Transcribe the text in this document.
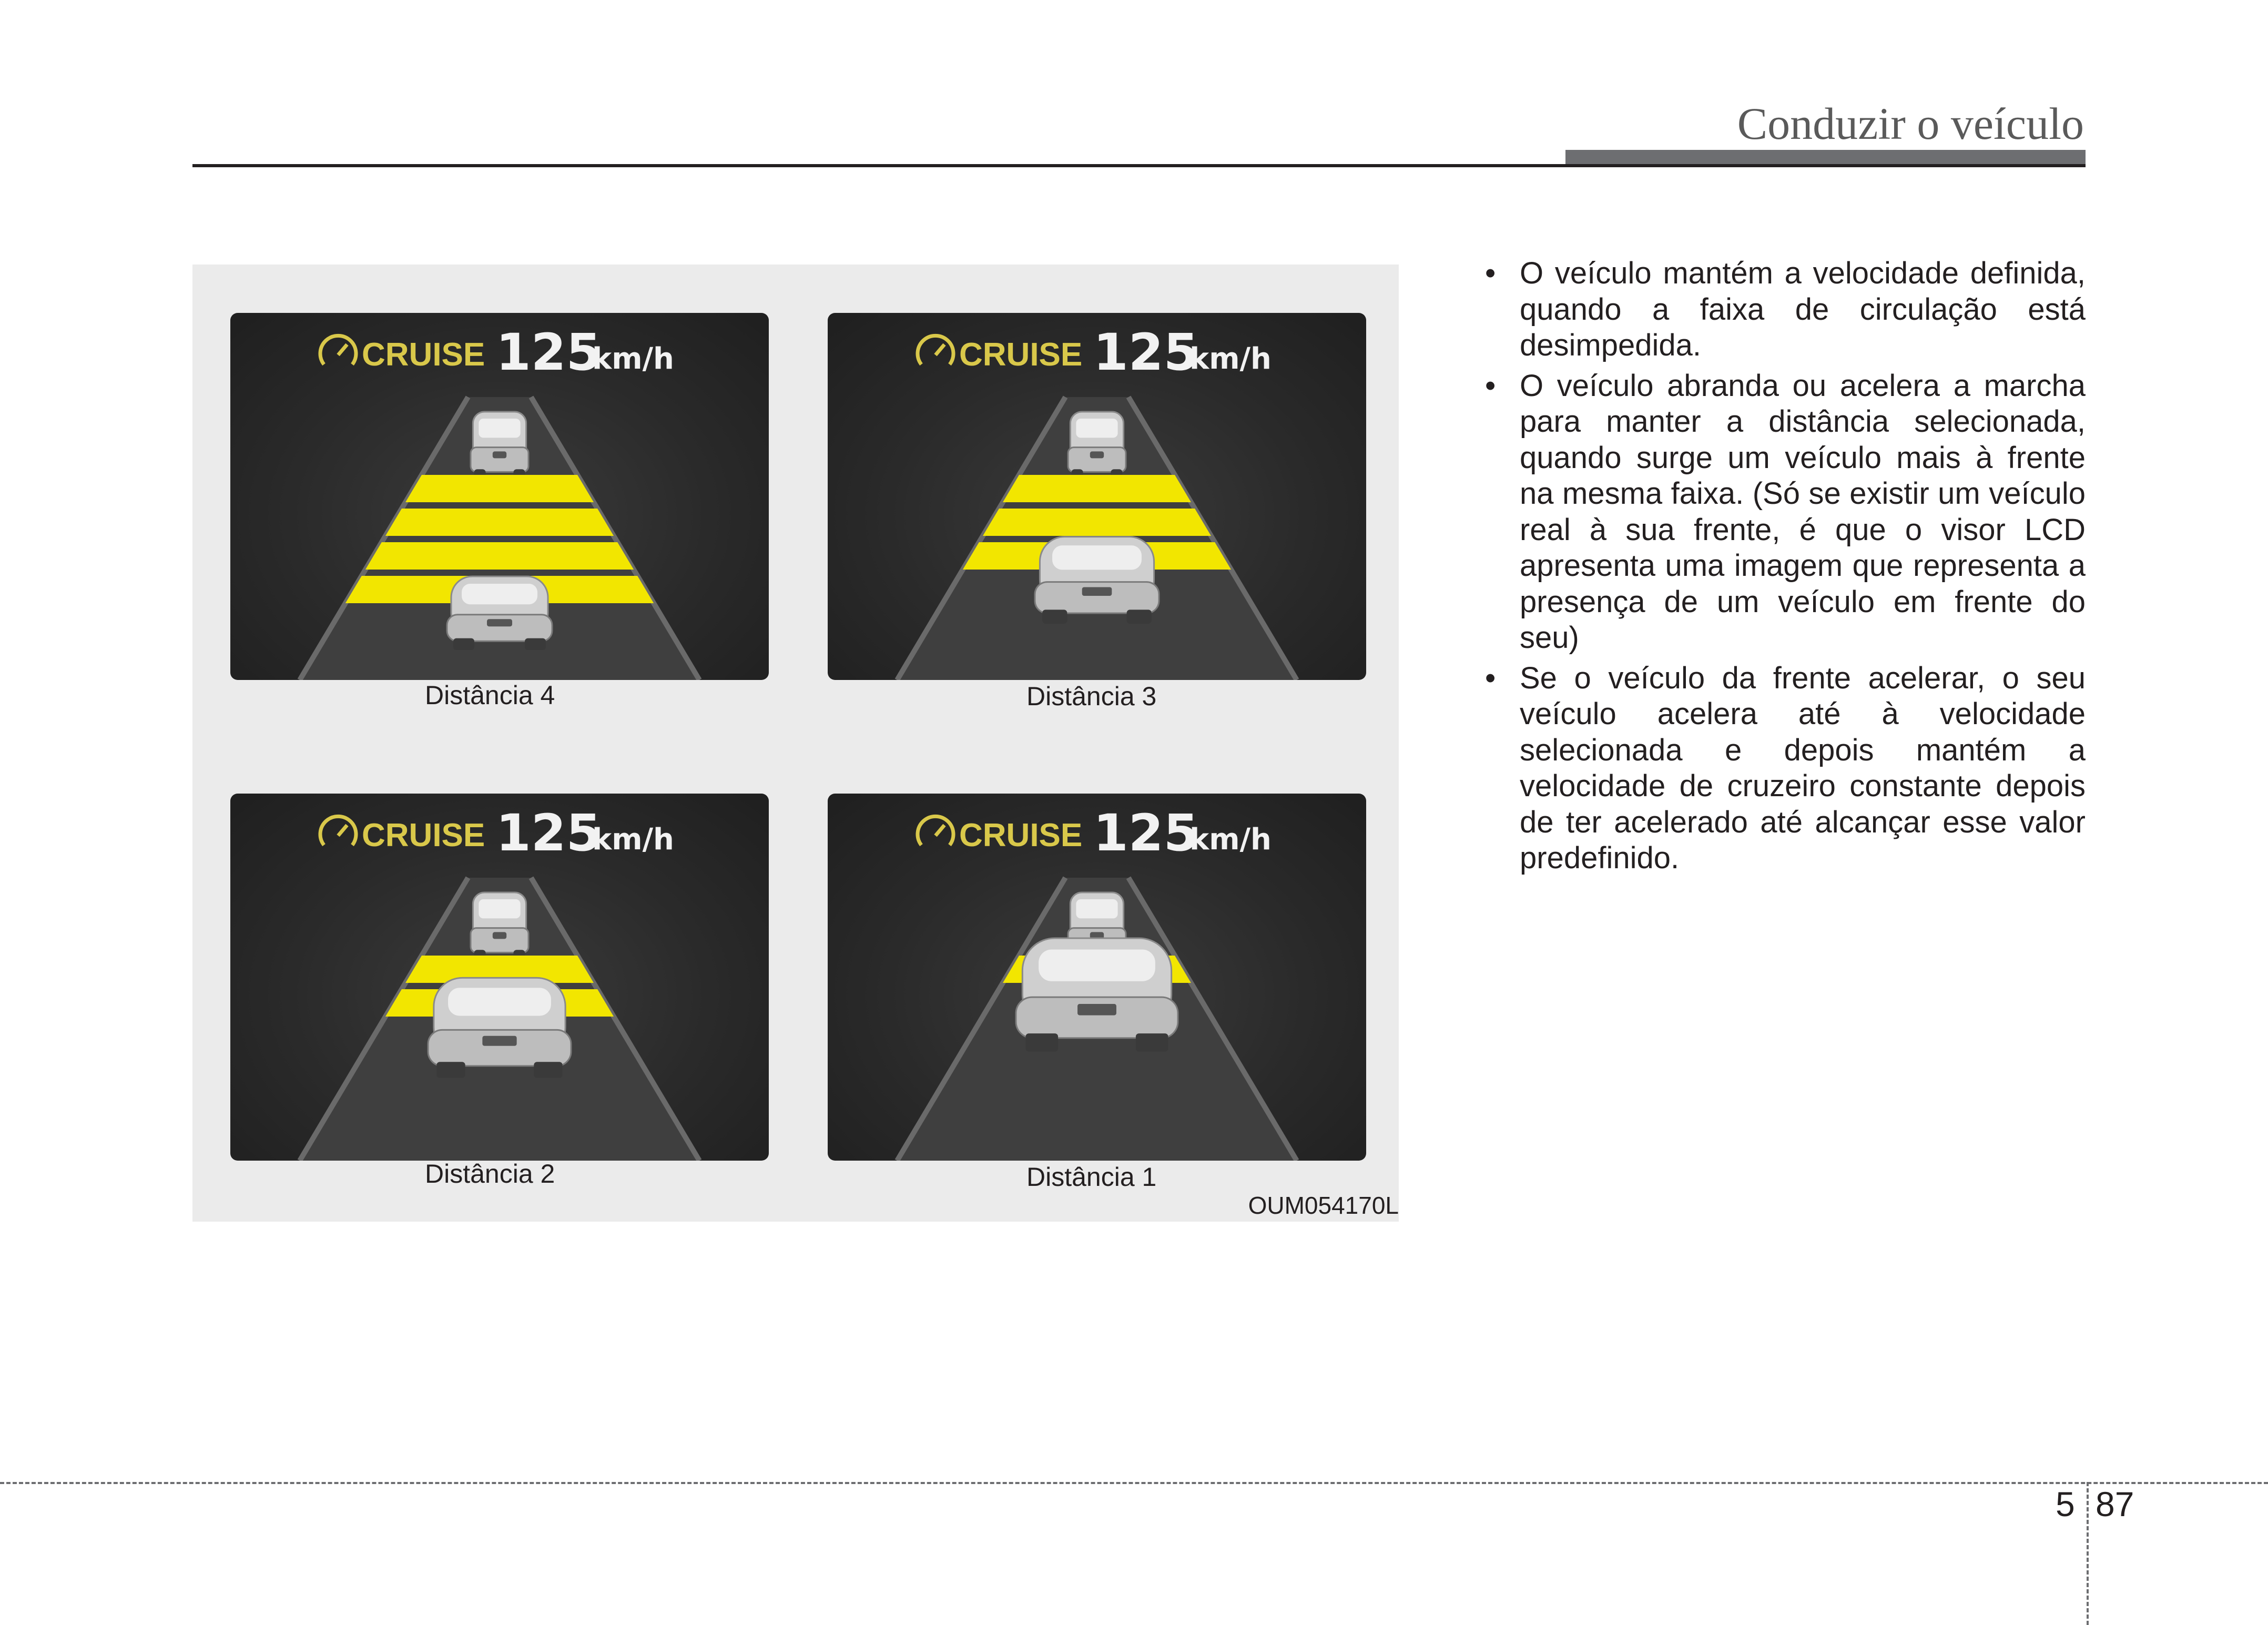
Conduzir o veículo
CRUISE 125
km/h
Distância 4
CRUISE 125
km/h
Distância 3
CRUISE 125
km/h
Distância 2
CRUISE 125
km/h
Distância 1
OUM054170L
• O veículo mantém a velocidade definida, quando a faixa de circulação está desimpedida.
• O veículo abranda ou acelera a marcha para manter a distância selecionada, quando surge um veículo mais à frente na mesma faixa. (Só se existir um veículo real à sua frente, é que o visor LCD apresenta uma imagem que representa a presença de um veículo em frente do seu)
• Se o veículo da frente acelerar, o seu veículo acelera até à velocidade selecionada e depois mantém a velocidade de cruzeiro constante depois de ter acelerado até alcançar esse valor predefinido.
5 87
